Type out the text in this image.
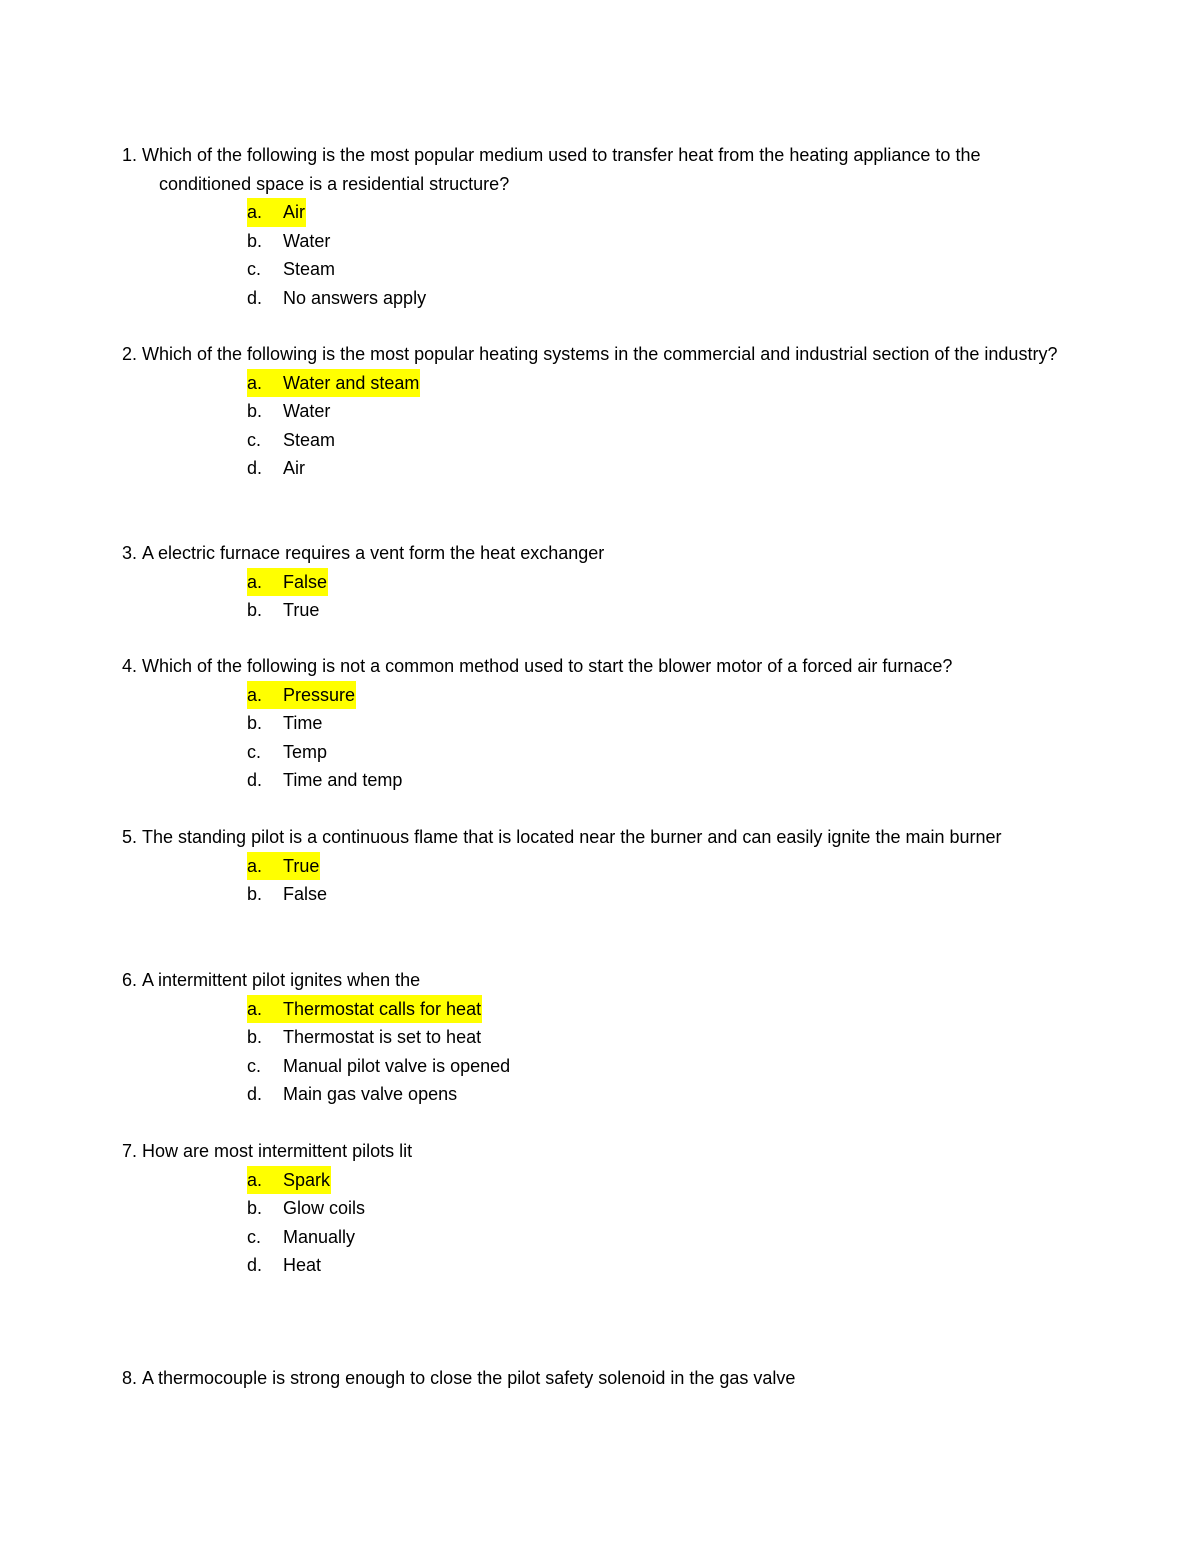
1. Which of the following is the most popular medium used to transfer heat from the heating appliance to the conditioned space is a residential structure?

a. Air
b. Water
c. Steam
d. No answers apply

2. Which of the following is the most popular heating systems in the commercial and industrial section of the industry?

a. Water and steam
b. Water
c. Steam
d. Air

3. A electric furnace requires a vent form the heat exchanger

a. False
b. True

4. Which of the following is not a common method used to start the blower motor of a forced air furnace?

a. Pressure
b. Time
c. Temp
d. Time and temp

5. The standing pilot is a continuous flame that is located near the burner and can easily ignite the main burner

a. True
b. False

6. A intermittent pilot ignites when the

a. Thermostat calls for heat
b. Thermostat is set to heat
c. Manual pilot valve is opened
d. Main gas valve opens

7. How are most intermittent pilots lit

a. Spark
b. Glow coils
c. Manually
d. Heat

8. A thermocouple is strong enough to close the pilot safety solenoid in the gas valve
